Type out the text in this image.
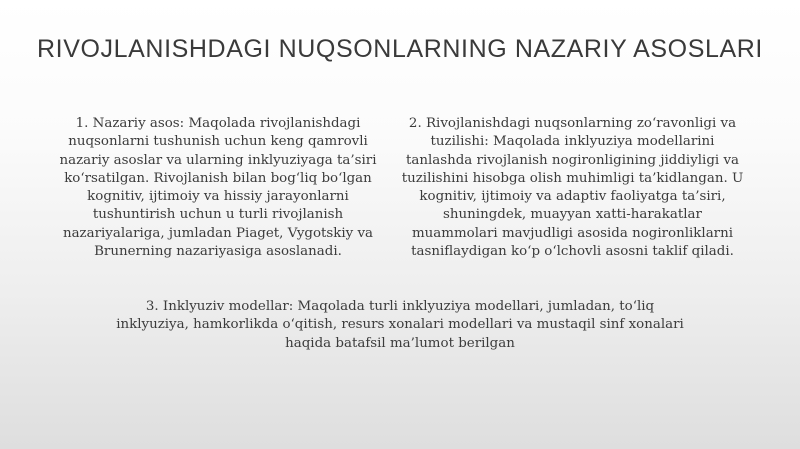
RIVOJLANISHDAGI NUQSONLARNING NAZARIY ASOSLARI

1. Nazariy asos: Maqolada rivojlanishdagi nuqsonlarni tushunish uchun keng qamrovli nazariy asoslar va ularning inklyuziyaga ta’siri ko‘rsatilgan. Rivojlanish bilan bog‘liq bo‘lgan kognitiv, ijtimoiy va hissiy jarayonlarni tushuntirish uchun u turli rivojlanish nazariyalariga, jumladan Piaget, Vygotskiy va Brunerning nazariyasiga asoslanadi.

2. Rivojlanishdagi nuqsonlarning zo‘ravonligi va tuzilishi: Maqolada inklyuziya modellarini tanlashda rivojlanish nogironligining jiddiyligi va tuzilishini hisobga olish muhimligi ta’kidlangan. U kognitiv, ijtimoiy va adaptiv faoliyatga ta’siri, shuningdek, muayyan xatti-harakatlar muammolari mavjudligi asosida nogironliklarni tasniflaydigan ko‘p o‘lchovli asosni taklif qiladi.

3. Inklyuziv modellar: Maqolada turli inklyuziya modellari, jumladan, to‘liq inklyuziya, hamkorlikda o‘qitish, resurs xonalari modellari va mustaqil sinf xonalari haqida batafsil ma’lumot berilgan
